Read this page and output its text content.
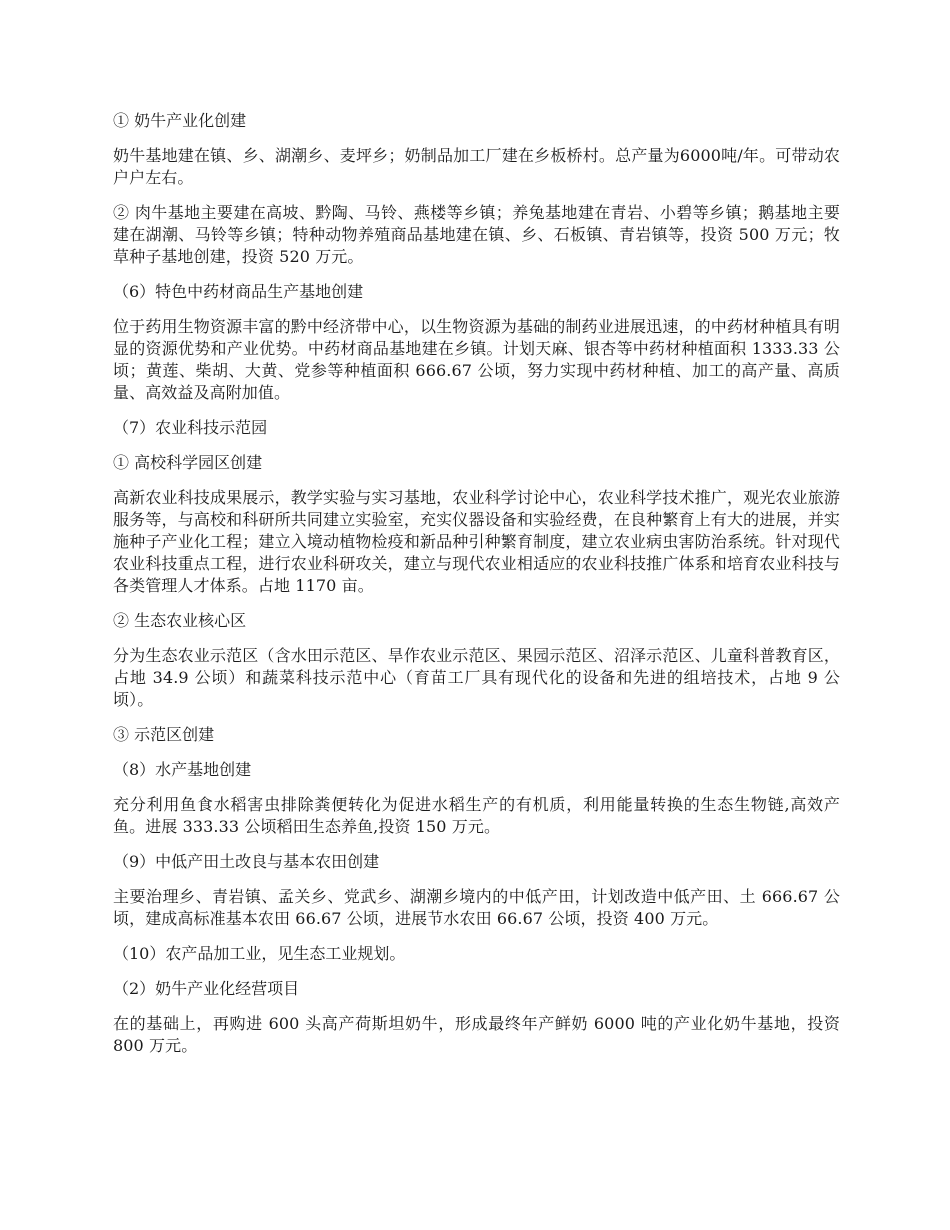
① 奶牛产业化创建

奶牛基地建在镇、乡、湖潮乡、麦坪乡；奶制品加工厂建在乡板桥村。总产量为6000吨/年。可带动农户户左右。

② 肉牛基地主要建在高坡、黔陶、马铃、燕楼等乡镇；养兔基地建在青岩、小碧等乡镇；鹅基地主要建在湖潮、马铃等乡镇；特种动物养殖商品基地建在镇、乡、石板镇、青岩镇等，投资 500 万元；牧草种子基地创建，投资 520 万元。

（6）特色中药材商品生产基地创建

位于药用生物资源丰富的黔中经济带中心，以生物资源为基础的制药业进展迅速，的中药材种植具有明显的资源优势和产业优势。中药材商品基地建在乡镇。计划天麻、银杏等中药材种植面积 1333.33 公顷；黄莲、柴胡、大黄、党参等种植面积 666.67 公顷，努力实现中药材种植、加工的高产量、高质量、高效益及高附加值。

（7）农业科技示范园

① 高校科学园区创建

高新农业科技成果展示，教学实验与实习基地，农业科学讨论中心，农业科学技术推广，观光农业旅游服务等，与高校和科研所共同建立实验室，充实仪器设备和实验经费，在良种繁育上有大的进展，并实施种子产业化工程；建立入境动植物检疫和新品种引种繁育制度，建立农业病虫害防治系统。针对现代农业科技重点工程，进行农业科研攻关，建立与现代农业相适应的农业科技推广体系和培育农业科技与各类管理人才体系。占地 1170 亩。

② 生态农业核心区

分为生态农业示范区（含水田示范区、旱作农业示范区、果园示范区、沼泽示范区、儿童科普教育区，占地 34.9 公顷）和蔬菜科技示范中心（育苗工厂具有现代化的设备和先进的组培技术，占地 9 公顷）。

③ 示范区创建

（8）水产基地创建

充分利用鱼食水稻害虫排除粪便转化为促进水稻生产的有机质，利用能量转换的生态生物链,高效产鱼。进展 333.33 公顷稻田生态养鱼,投资 150 万元。

（9）中低产田土改良与基本农田创建

主要治理乡、青岩镇、孟关乡、党武乡、湖潮乡境内的中低产田，计划改造中低产田、土 666.67 公顷，建成高标准基本农田 66.67 公顷，进展节水农田 66.67 公顷，投资 400 万元。

（10）农产品加工业，见生态工业规划。

（2）奶牛产业化经营项目

在的基础上，再购进 600 头高产荷斯坦奶牛，形成最终年产鲜奶 6000 吨的产业化奶牛基地，投资 800 万元。
